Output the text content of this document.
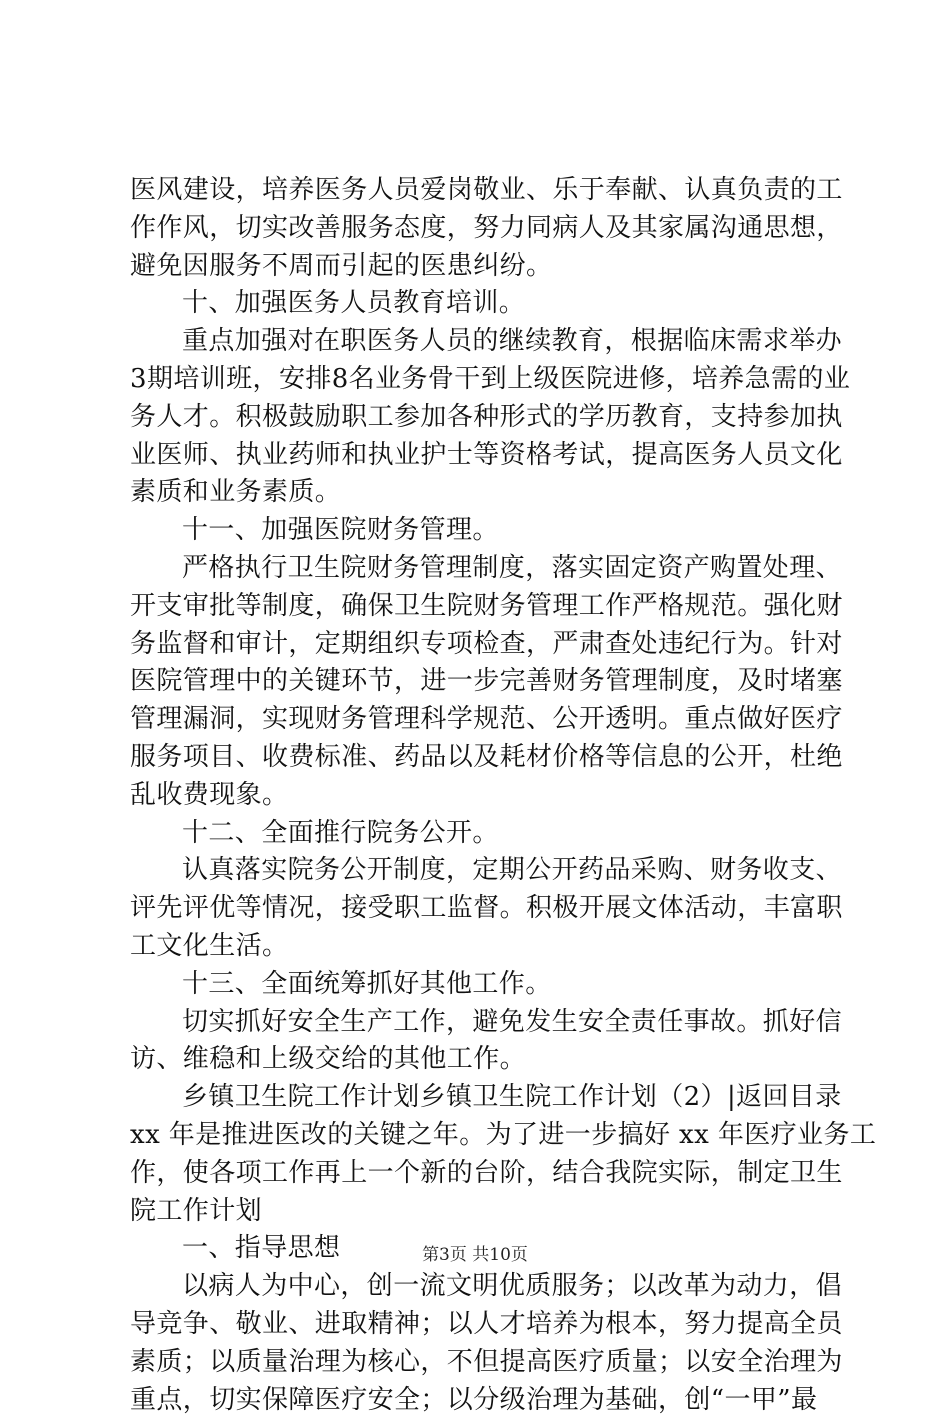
医风建设，培养医务人员爱岗敬业、乐于奉献、认真负责的工
作作风，切实改善服务态度，努力同病人及其家属沟通思想，
避免因服务不周而引起的医患纠纷。
十、加强医务人员教育培训。
重点加强对在职医务人员的继续教育，根据临床需求举办
3期培训班，安排8名业务骨干到上级医院进修，培养急需的业
务人才。积极鼓励职工参加各种形式的学历教育，支持参加执
业医师、执业药师和执业护士等资格考试，提高医务人员文化
素质和业务素质。
十一、加强医院财务管理。
严格执行卫生院财务管理制度，落实固定资产购置处理、
开支审批等制度，确保卫生院财务管理工作严格规范。强化财
务监督和审计，定期组织专项检查，严肃查处违纪行为。针对
医院管理中的关键环节，进一步完善财务管理制度，及时堵塞
管理漏洞，实现财务管理科学规范、公开透明。重点做好医疗
服务项目、收费标准、药品以及耗材价格等信息的公开，杜绝
乱收费现象。
十二、全面推行院务公开。
认真落实院务公开制度，定期公开药品采购、财务收支、
评先评优等情况，接受职工监督。积极开展文体活动，丰富职
工文化生活。
十三、全面统筹抓好其他工作。
切实抓好安全生产工作，避免发生安全责任事故。抓好信
访、维稳和上级交给的其他工作。
乡镇卫生院工作计划乡镇卫生院工作计划（2）|返回目录
xx 年是推进医改的关键之年。为了进一步搞好 xx 年医疗业务工
作，使各项工作再上一个新的台阶，结合我院实际，制定卫生
院工作计划
一、指导思想
以病人为中心，创一流文明优质服务；以改革为动力，倡
导竞争、敬业、进取精神；以人才培养为根本，努力提高全员
素质；以质量治理为核心，不但提高医疗质量；以安全治理为
重点，切实保障医疗安全；以分级治理为基础，创“一甲”最
第3页 共10页
